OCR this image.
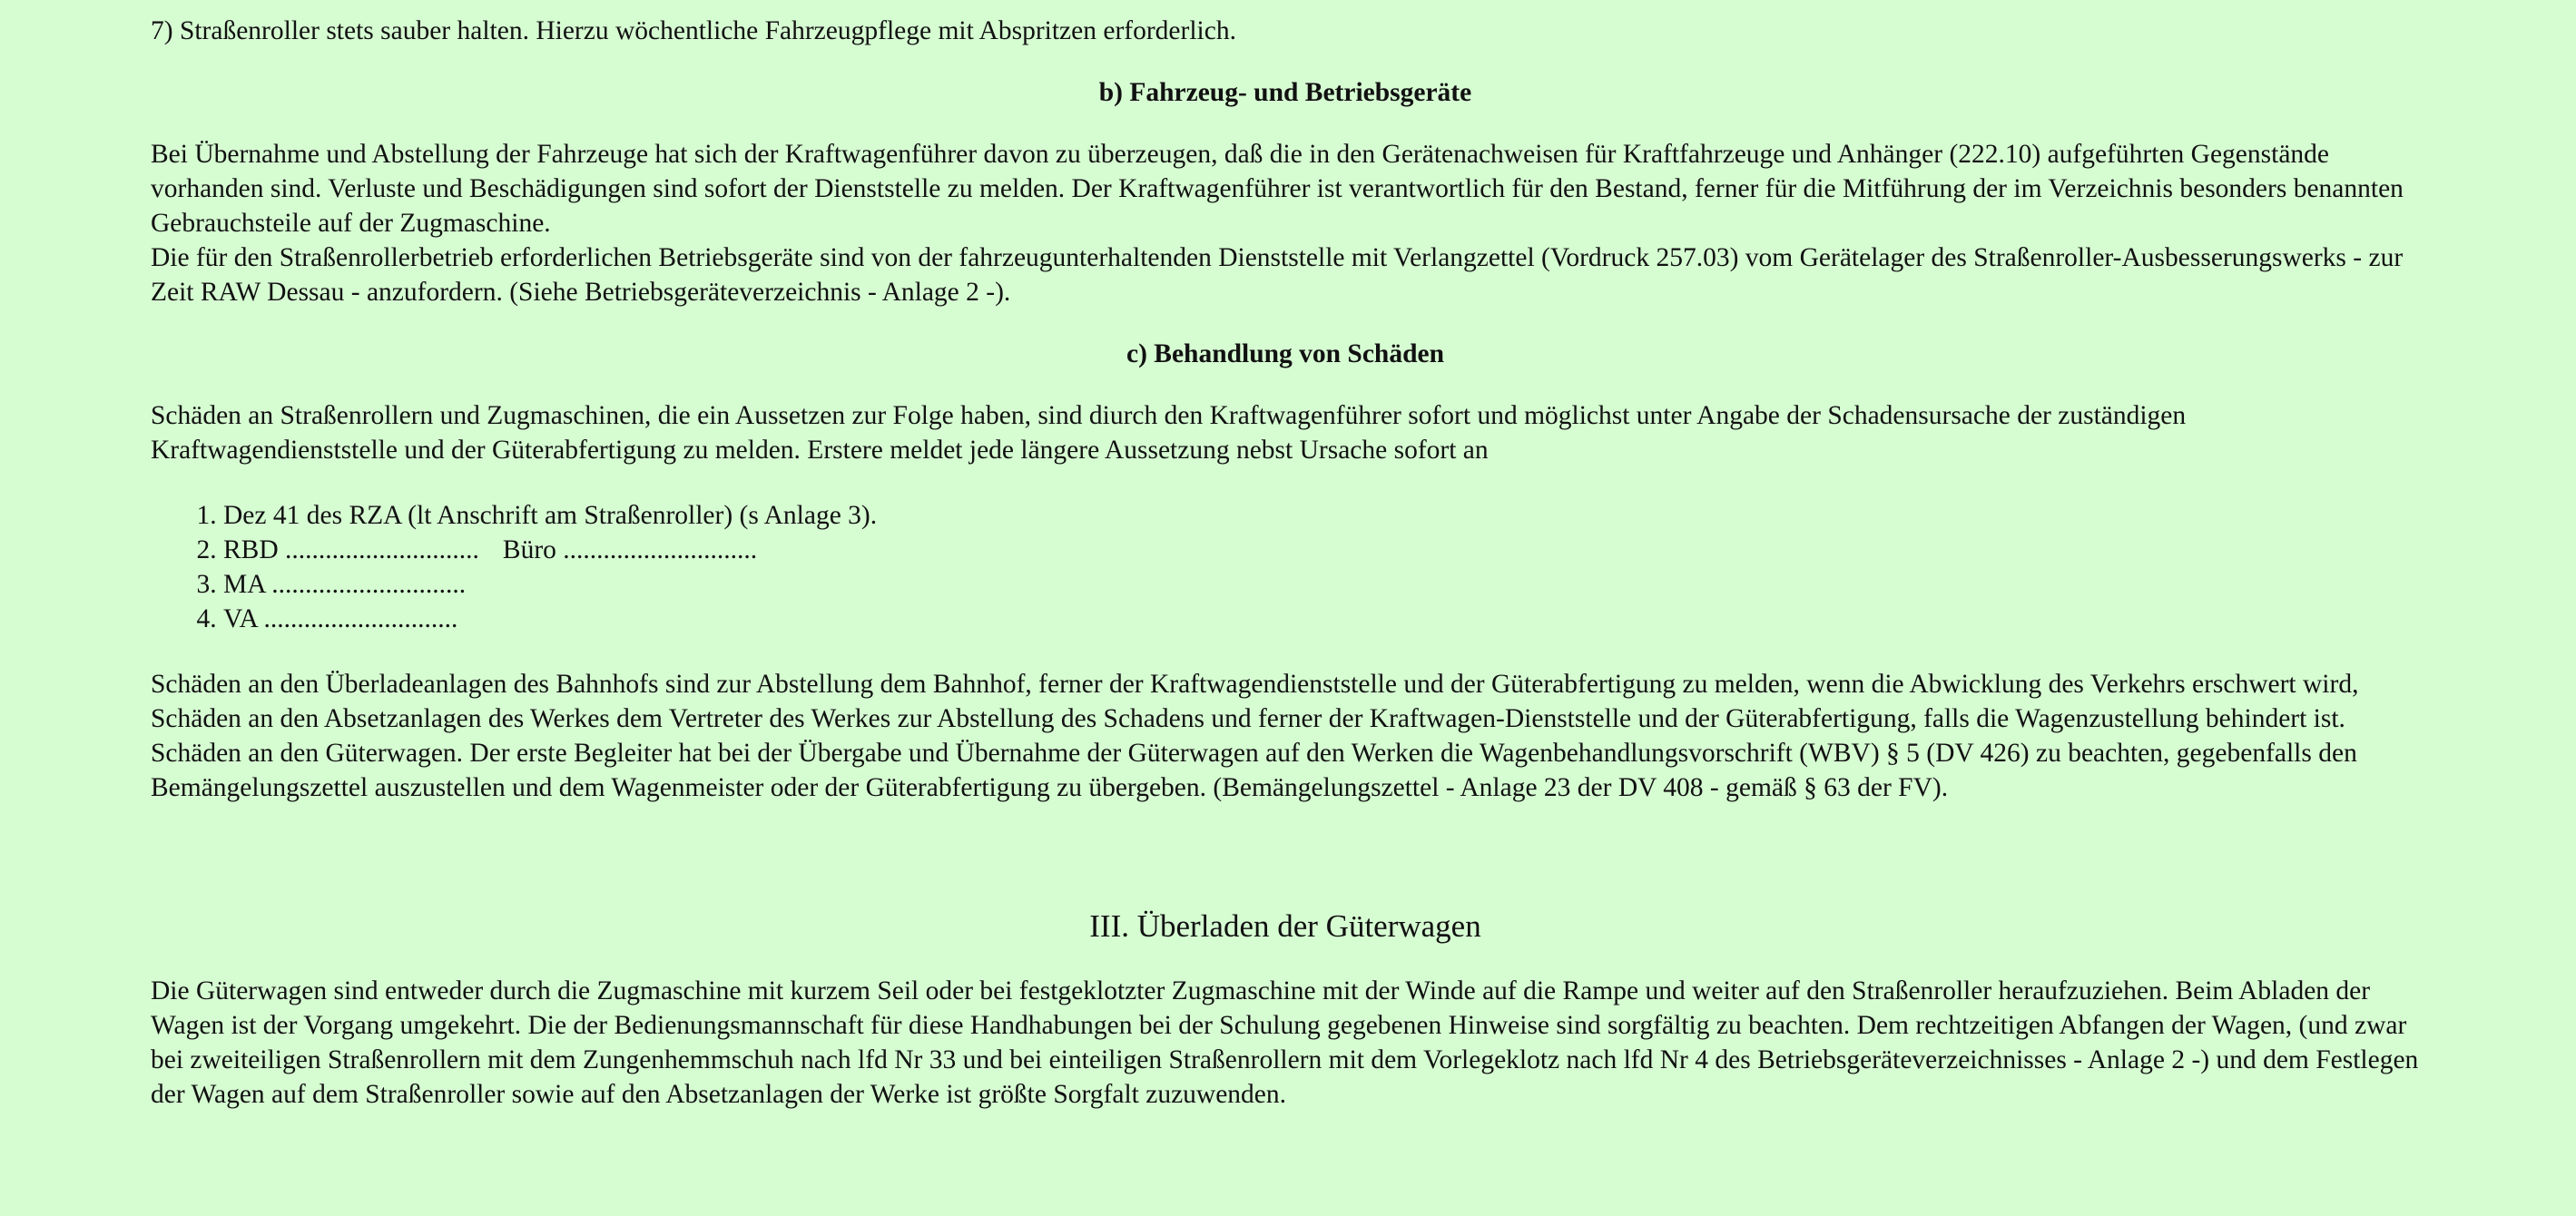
7) Straßenroller stets sauber halten. Hierzu wöchentliche Fahrzeugpflege mit Abspritzen erforderlich.

b) Fahrzeug- und Betriebsgeräte

Bei Übernahme und Abstellung der Fahrzeuge hat sich der Kraftwagenführer davon zu überzeugen, daß die in den Gerätenachweisen für Kraftfahrzeuge und Anhänger (222.10) aufgeführten Gegenstände vorhanden sind. Verluste und Beschädigungen sind sofort der Dienststelle zu melden. Der Kraftwagenführer ist verantwortlich für den Bestand, ferner für die Mitführung der im Verzeichnis besonders benannten Gebrauchsteile auf der Zugmaschine.

Die für den Straßenrollerbetrieb erforderlichen Betriebsgeräte sind von der fahrzeugunterhaltenden Dienststelle mit Verlangzettel (Vordruck 257.03) vom Gerätelager des Straßenroller-Ausbesserungswerks - zur Zeit RAW Dessau - anzufordern. (Siehe Betriebsgeräteverzeichnis - Anlage 2 -).

c) Behandlung von Schäden

Schäden an Straßenrollern und Zugmaschinen, die ein Aussetzen zur Folge haben, sind diurch den Kraftwagenführer sofort und möglichst unter Angabe der Schadensursache der zuständigen Kraftwagendienststelle und der Güterabfertigung zu melden. Erstere meldet jede längere Aussetzung nebst Ursache sofort an

1. Dez 41 des RZA (lt Anschrift am Straßenroller) (s Anlage 3).
2. RBD ............................. Büro .............................
3. MA .............................
4. VA .............................

Schäden an den Überladeanlagen des Bahnhofs sind zur Abstellung dem Bahnhof, ferner der Kraftwagendienststelle und der Güterabfertigung zu melden, wenn die Abwicklung des Verkehrs erschwert wird, Schäden an den Absetzanlagen des Werkes dem Vertreter des Werkes zur Abstellung des Schadens und ferner der Kraftwagen-Dienststelle und der Güterabfertigung, falls die Wagenzustellung behindert ist.

Schäden an den Güterwagen. Der erste Begleiter hat bei der Übergabe und Übernahme der Güterwagen auf den Werken die Wagenbehandlungsvorschrift (WBV) § 5 (DV 426) zu beachten, gegebenfalls den Bemängelungszettel auszustellen und dem Wagenmeister oder der Güterabfertigung zu übergeben. (Bemängelungszettel - Anlage 23 der DV 408 - gemäß § 63 der FV).

III. Überladen der Güterwagen

Die Güterwagen sind entweder durch die Zugmaschine mit kurzem Seil oder bei festgeklotzter Zugmaschine mit der Winde auf die Rampe und weiter auf den Straßenroller heraufzuziehen. Beim Abladen der Wagen ist der Vorgang umgekehrt. Die der Bedienungsmannschaft für diese Handhabungen bei der Schulung gegebenen Hinweise sind sorgfältig zu beachten. Dem rechtzeitigen Abfangen der Wagen, (und zwar bei zweiteiligen Straßenrollern mit dem Zungenhemmschuh nach lfd Nr 33 und bei einteiligen Straßenrollern mit dem Vorlegeklotz nach lfd Nr 4 des Betriebsgeräteverzeichnisses - Anlage 2 -) und dem Festlegen der Wagen auf dem Straßenroller sowie auf den Absetzanlagen der Werke ist größte Sorgfalt zuzuwenden.
